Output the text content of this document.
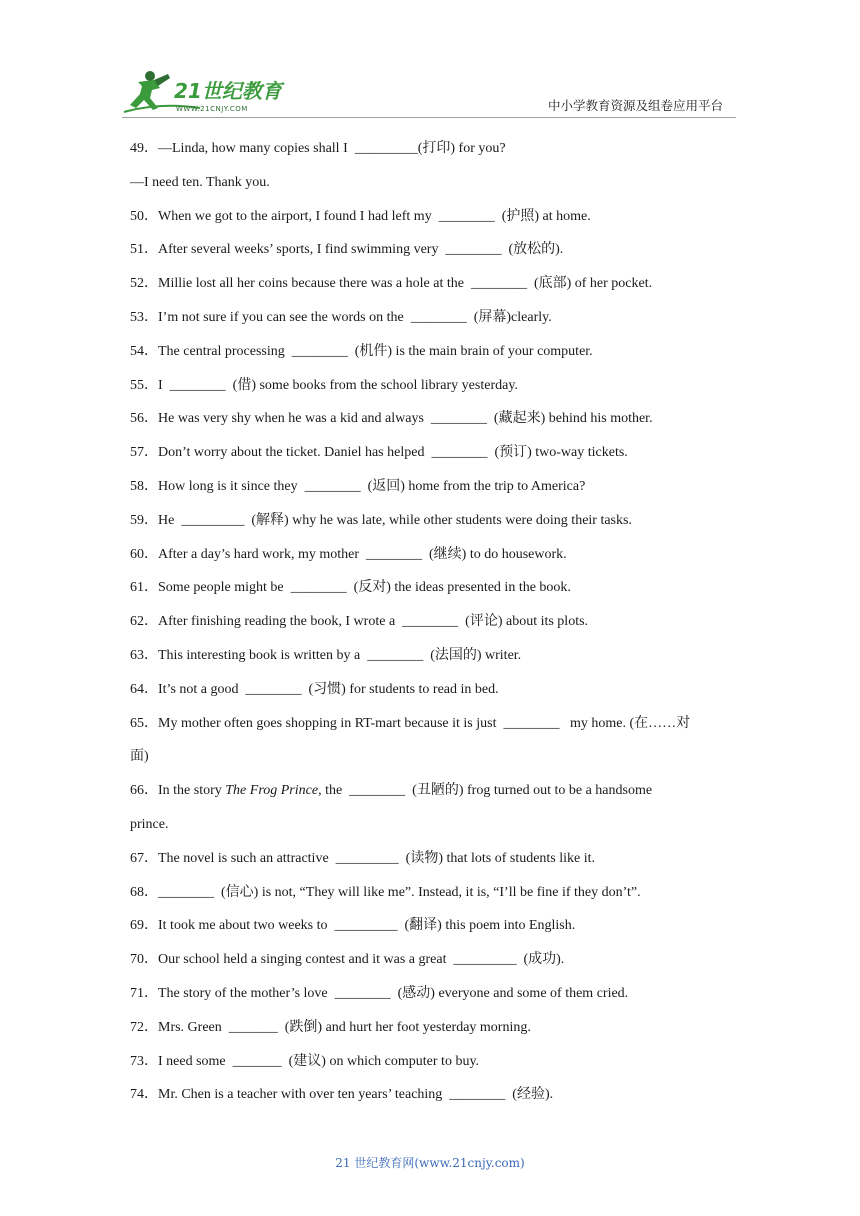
21世纪教育
WWW.21CNJY.COM	中小学教育资源及组卷应用平台

49．—Linda, how many copies shall I  _________(打印) for you?

—I need ten. Thank you.

50．When we got to the airport, I found I had left my  ________  (护照) at home.

51．After several weeks’ sports, I find swimming very  ________  (放松的).

52．Millie lost all her coins because there was a hole at the  ________  (底部) of her pocket.

53．I’m not sure if you can see the words on the  ________  (屏幕)clearly.

54．The central processing  ________  (机件) is the main brain of your computer.

55．I  ________  (借) some books from the school library yesterday.

56．He was very shy when he was a kid and always  ________  (藏起来) behind his mother.

57．Don’t worry about the ticket. Daniel has helped  ________  (预订) two-way tickets.

58．How long is it since they  ________  (返回) home from the trip to America?

59．He  _________  (解释) why he was late, while other students were doing their tasks.

60．After a day’s hard work, my mother  ________  (继续) to do housework.

61．Some people might be  ________  (反对) the ideas presented in the book.

62．After finishing reading the book, I wrote a  ________  (评论) about its plots.

63．This interesting book is written by a  ________  (法国的) writer.

64．It’s not a good  ________  (习惯) for students to read in bed.

65．My mother often goes shopping in RT-mart because it is just  ________   my home. (在……对

面)

66．In the story The Frog Prince, the  ________  (丑陋的) frog turned out to be a handsome

prince.

67．The novel is such an attractive  _________  (读物) that lots of students like it.

68．________  (信心) is not, “They will like me”. Instead, it is, “I’ll be fine if they don’t”.

69．It took me about two weeks to  _________  (翻译) this poem into English.

70．Our school held a singing contest and it was a great  _________  (成功).

71．The story of the mother’s love  ________  (感动) everyone and some of them cried.

72．Mrs. Green  _______  (跌倒) and hurt her foot yesterday morning.

73．I need some  _______  (建议) on which computer to buy.

74．Mr. Chen is a teacher with over ten years’ teaching  ________  (经验).

21 世纪教育网(www.21cnjy.com)
